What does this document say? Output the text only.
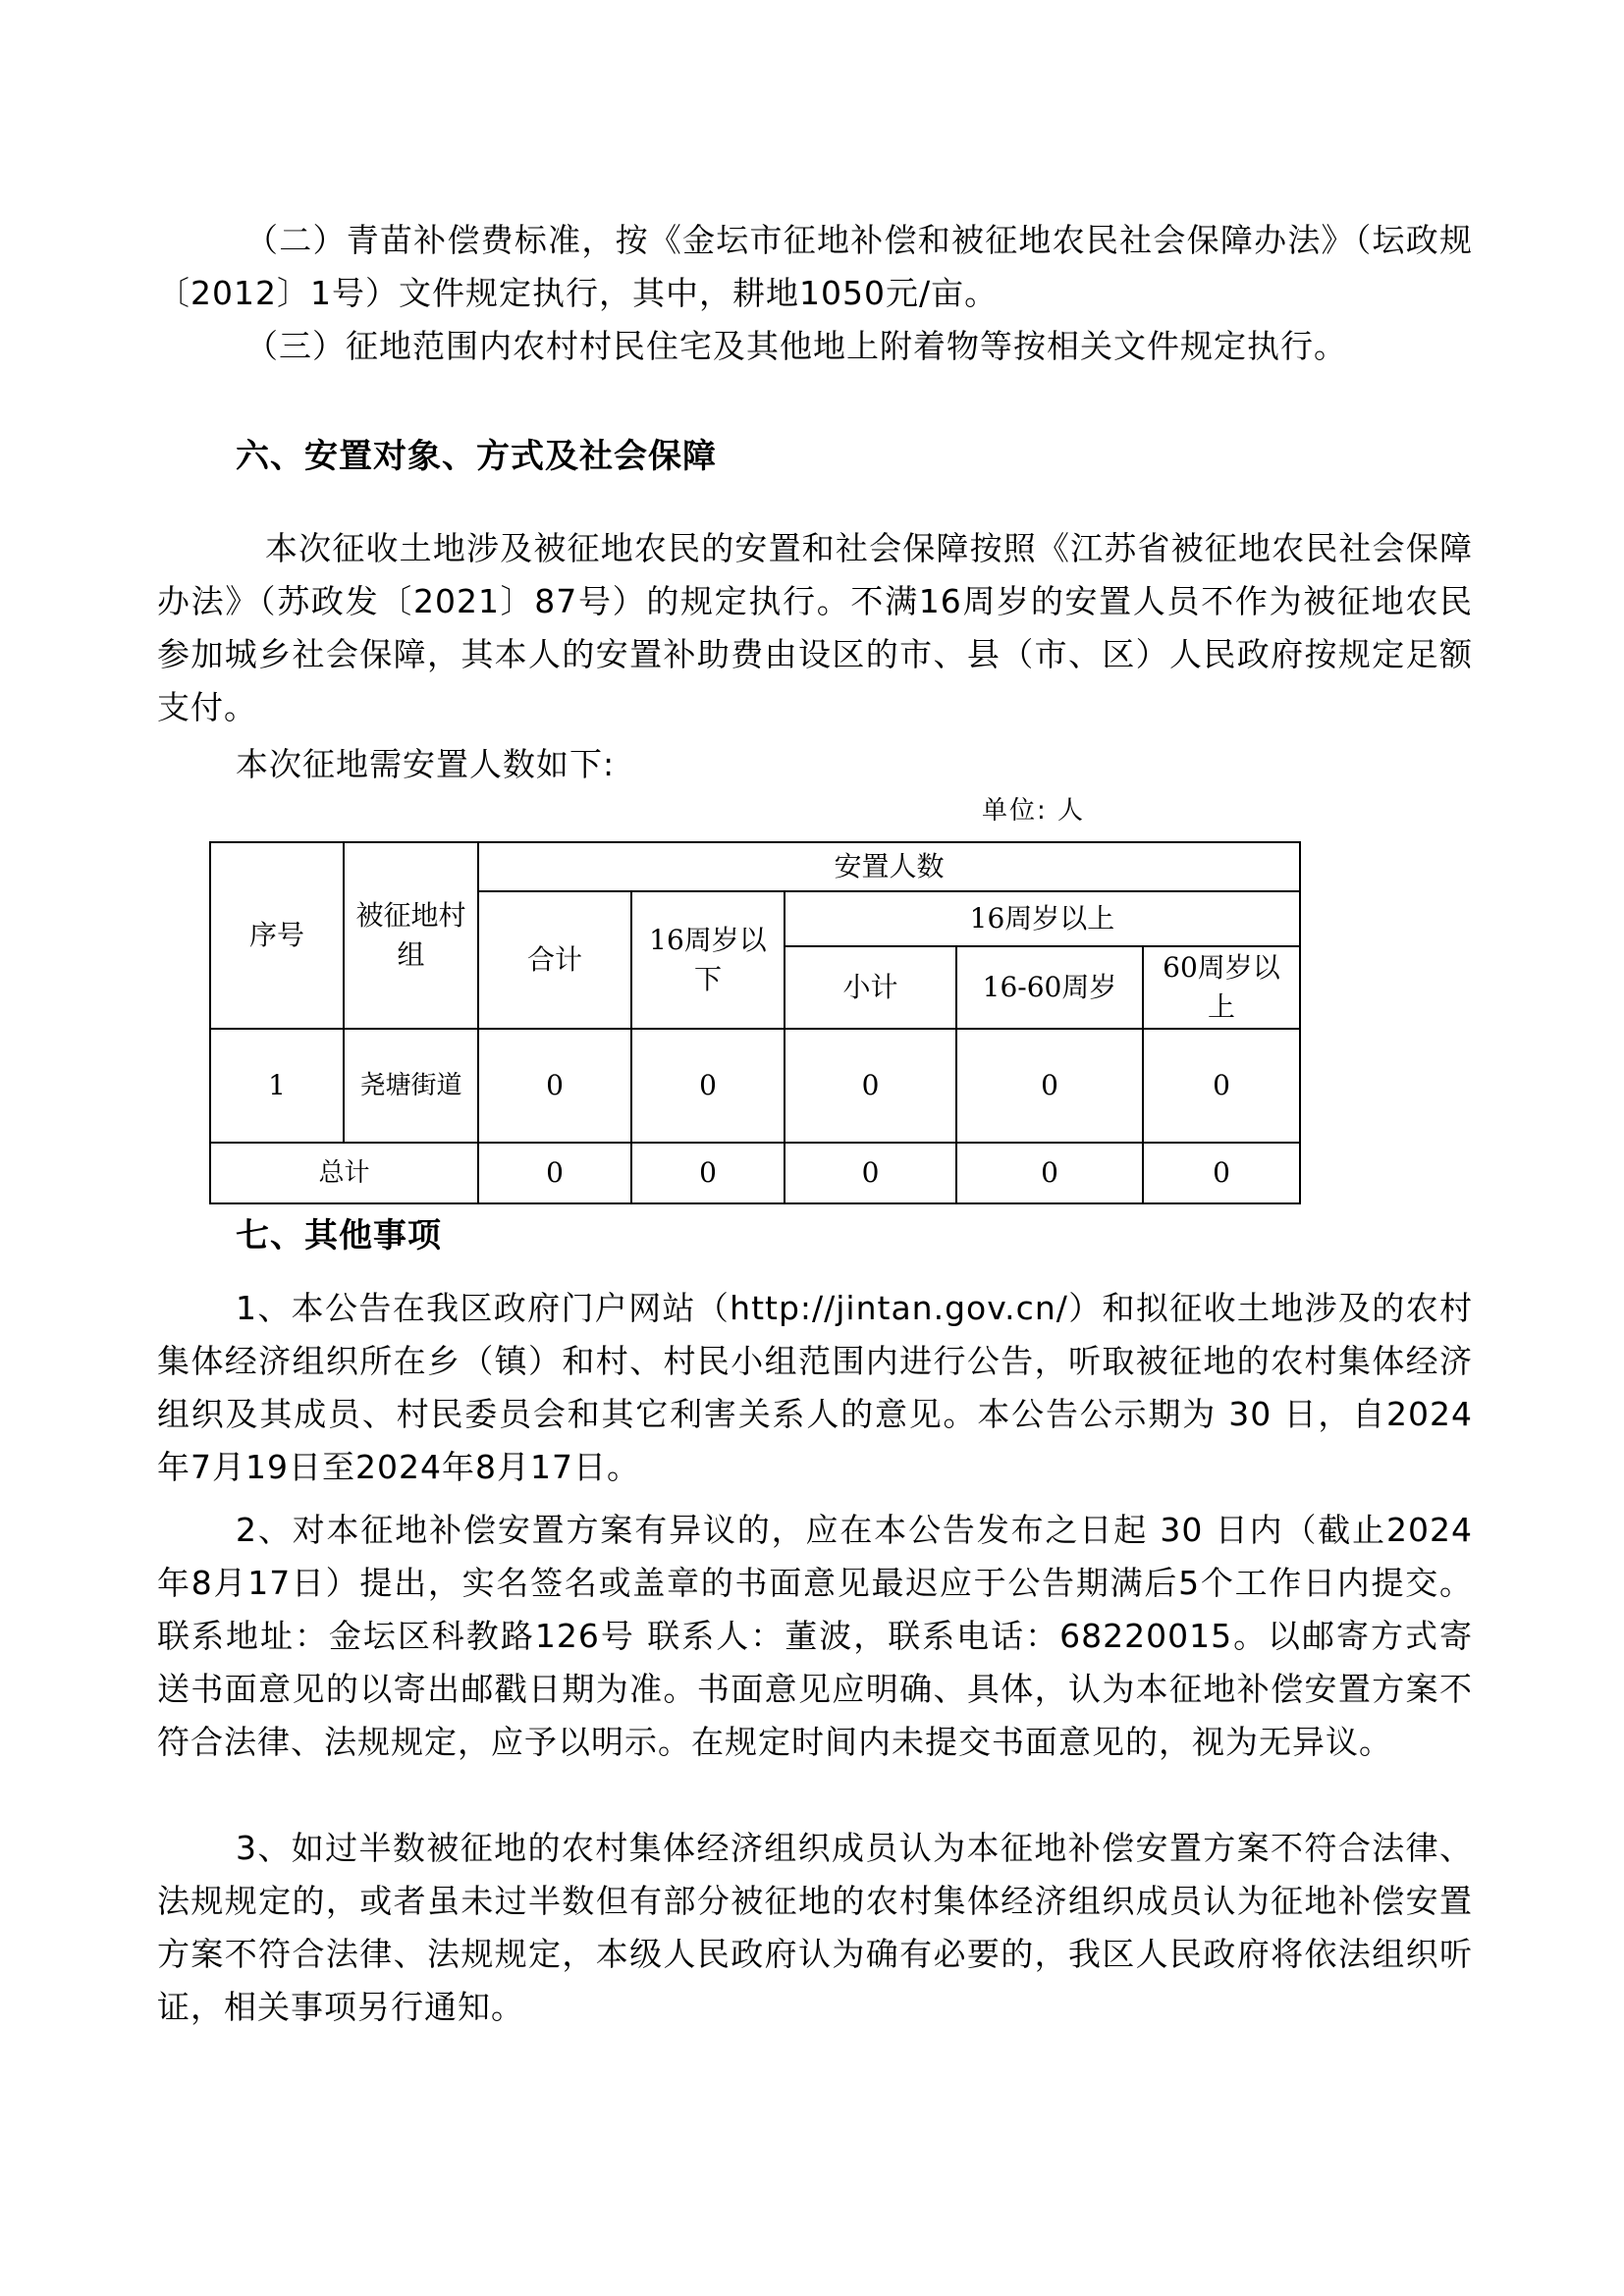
（二）青苗补偿费标准，按《金坛市征地补偿和被征地农民社会保障办法》（坛政规〔2012〕1号）文件规定执行，其中，耕地1050元/亩。

（三）征地范围内农村村民住宅及其他地上附着物等按相关文件规定执行。

六、安置对象、方式及社会保障

本次征收土地涉及被征地农民的安置和社会保障按照《江苏省被征地农民社会保障办法》（苏政发〔2021〕87号）的规定执行。不满16周岁的安置人员不作为被征地农民参加城乡社会保障，其本人的安置补助费由设区的市、县（市、区）人民政府按规定足额支付。

本次征地需安置人数如下:

单位: 人
序号	被征地村组	安置人数				
		合计	16周岁以下	16周岁以上		
				小计	16-60周岁	60周岁以上
1	尧塘街道	0	0	0	0	0
总计		0	0	0	0	0
七、其他事项

1、本公告在我区政府门户网站（http://jintan.gov.cn/）和拟征收土地涉及的农村集体经济组织所在乡（镇）和村、村民小组范围内进行公告，听取被征地的农村集体经济组织及其成员、村民委员会和其它利害关系人的意见。本公告公示期为 30 日，自2024年7月19日至2024年8月17日。

2、对本征地补偿安置方案有异议的，应在本公告发布之日起 30 日内（截止2024年8月17日）提出，实名签名或盖章的书面意见最迟应于公告期满后5个工作日内提交。联系地址：金坛区科教路126号 联系人：董波，联系电话：68220015。以邮寄方式寄送书面意见的以寄出邮戳日期为准。书面意见应明确、具体，认为本征地补偿安置方案不符合法律、法规规定，应予以明示。在规定时间内未提交书面意见的，视为无异议。

3、如过半数被征地的农村集体经济组织成员认为本征地补偿安置方案不符合法律、法规规定的，或者虽未过半数但有部分被征地的农村集体经济组织成员认为征地补偿安置方案不符合法律、法规规定，本级人民政府认为确有必要的，我区人民政府将依法组织听证，相关事项另行通知。
